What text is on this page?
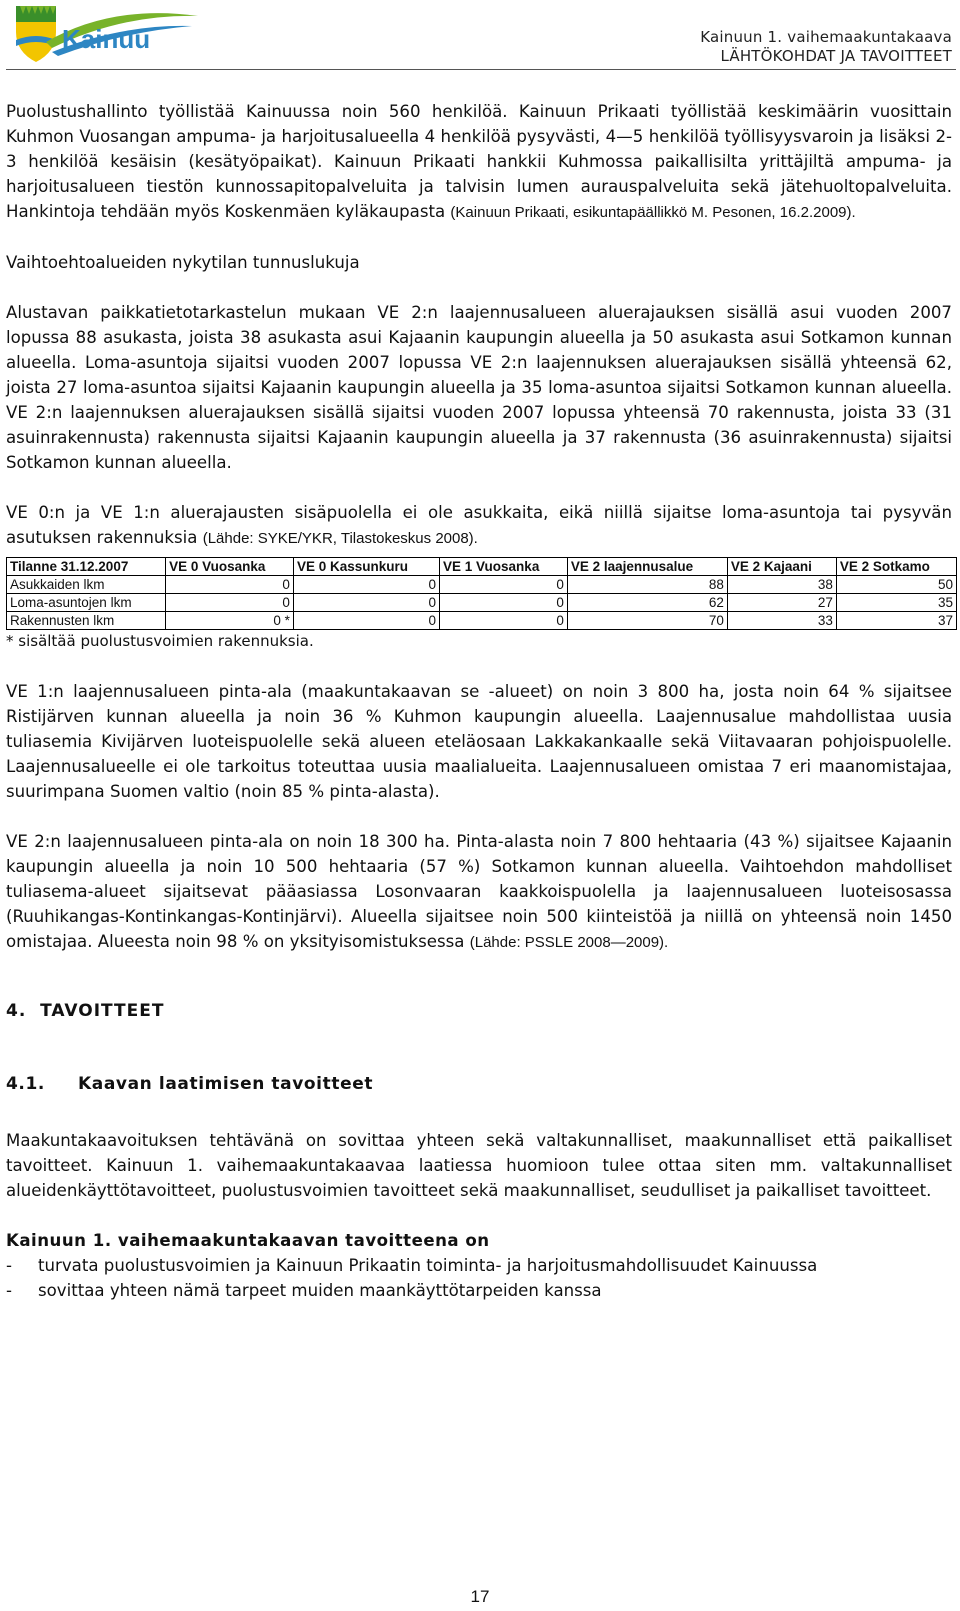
Kainuu	Kainuun 1. vaihemaakuntakaava
LÄHTÖKOHDAT JA TAVOITTEET

Puolustushallinto työllistää Kainuussa noin 560 henkilöä. Kainuun Prikaati työllistää keskimäärin vuosittain Kuhmon Vuosangan ampuma- ja harjoitusalueella 4 henkilöä pysyvästi, 4—5 henkilöä työllisyysvaroin ja lisäksi 2-3 henkilöä kesäisin (kesätyöpaikat). Kainuun Prikaati hankkii Kuhmossa paikallisilta yrittäjiltä ampuma- ja harjoitusalueen tiestön kunnossapitopalveluita ja talvisin lumen aurauspalveluita sekä jätehuoltopalveluita. Hankintoja tehdään myös Koskenmäen kyläkaupasta (Kainuun Prikaati, esikuntapäällikkö M. Pesonen, 16.2.2009).

Vaihtoehtoalueiden nykytilan tunnuslukuja

Alustavan paikkatietotarkastelun mukaan VE 2:n laajennusalueen aluerajauksen sisällä asui vuoden 2007 lopussa 88 asukasta, joista 38 asukasta asui Kajaanin kaupungin alueella ja 50 asukasta asui Sotkamon kunnan alueella. Loma-asuntoja sijaitsi vuoden 2007 lopussa VE 2:n laajennuksen aluerajauksen sisällä yhteensä 62, joista 27 loma-asuntoa sijaitsi Kajaanin kaupungin alueella ja 35 loma-asuntoa sijaitsi Sotkamon kunnan alueella. VE 2:n laajennuksen aluerajauksen sisällä sijaitsi vuoden 2007 lopussa yhteensä 70 rakennusta, joista 33 (31 asuinrakennusta) rakennusta sijaitsi Kajaanin kaupungin alueella ja 37 rakennusta (36 asuinrakennusta) sijaitsi Sotkamon kunnan alueella.

VE 0:n ja VE 1:n aluerajausten sisäpuolella ei ole asukkaita, eikä niillä sijaitse loma-asuntoja tai pysyvän asutuksen rakennuksia (Lähde: SYKE/YKR, Tilastokeskus 2008).

Tilanne 31.12.2007	VE 0 Vuosanka	VE 0 Kassunkuru	VE 1 Vuosanka	VE 2 laajennusalue	VE 2 Kajaani	VE 2 Sotkamo
Asukkaiden lkm	0	0	0	88	38	50
Loma-asuntojen lkm	0	0	0	62	27	35
Rakennusten lkm	0 *	0	0	70	33	37
* sisältää puolustusvoimien rakennuksia.

VE 1:n laajennusalueen pinta-ala (maakuntakaavan se -alueet) on noin 3 800 ha, josta noin 64 % sijaitsee Ristijärven kunnan alueella ja noin 36 % Kuhmon kaupungin alueella. Laajennusalue mahdollistaa uusia tuliasemia Kivijärven luoteispuolelle sekä alueen eteläosaan Lakkakankaalle sekä Viitavaaran pohjoispuolelle. Laajennusalueelle ei ole tarkoitus toteuttaa uusia maalialueita. Laajennusalueen omistaa 7 eri maanomistajaa, suurimpana Suomen valtio (noin 85 % pinta-alasta).

VE 2:n laajennusalueen pinta-ala on noin 18 300 ha. Pinta-alasta noin 7 800 hehtaaria (43 %) sijaitsee Kajaanin kaupungin alueella ja noin 10 500 hehtaaria (57 %) Sotkamon kunnan alueella. Vaihtoehdon mahdolliset tuliasema-alueet sijaitsevat pääasiassa Losonvaaran kaakkoispuolella ja laajennusalueen luoteisosassa (Ruuhikangas-Kontinkangas-Kontinjärvi). Alueella sijaitsee noin 500 kiinteistöä ja niillä on yhteensä noin 1450 omistajaa. Alueesta noin 98 % on yksityisomistuksessa (Lähde: PSSLE 2008—2009).

4. TAVOITTEET
4.1. Kaavan laatimisen tavoitteet

Maakuntakaavoituksen tehtävänä on sovittaa yhteen sekä valtakunnalliset, maakunnalliset että paikalliset tavoitteet. Kainuun 1. vaihemaakuntakaavaa laatiessa huomioon tulee ottaa siten mm. valtakunnalliset alueidenkäyttötavoitteet, puolustusvoimien tavoitteet sekä maakunnalliset, seudulliset ja paikalliset tavoitteet.

Kainuun 1. vaihemaakuntakaavan tavoitteena on
- turvata puolustusvoimien ja Kainuun Prikaatin toiminta- ja harjoitusmahdollisuudet Kainuussa
- sovittaa yhteen nämä tarpeet muiden maankäyttötarpeiden kanssa
17
